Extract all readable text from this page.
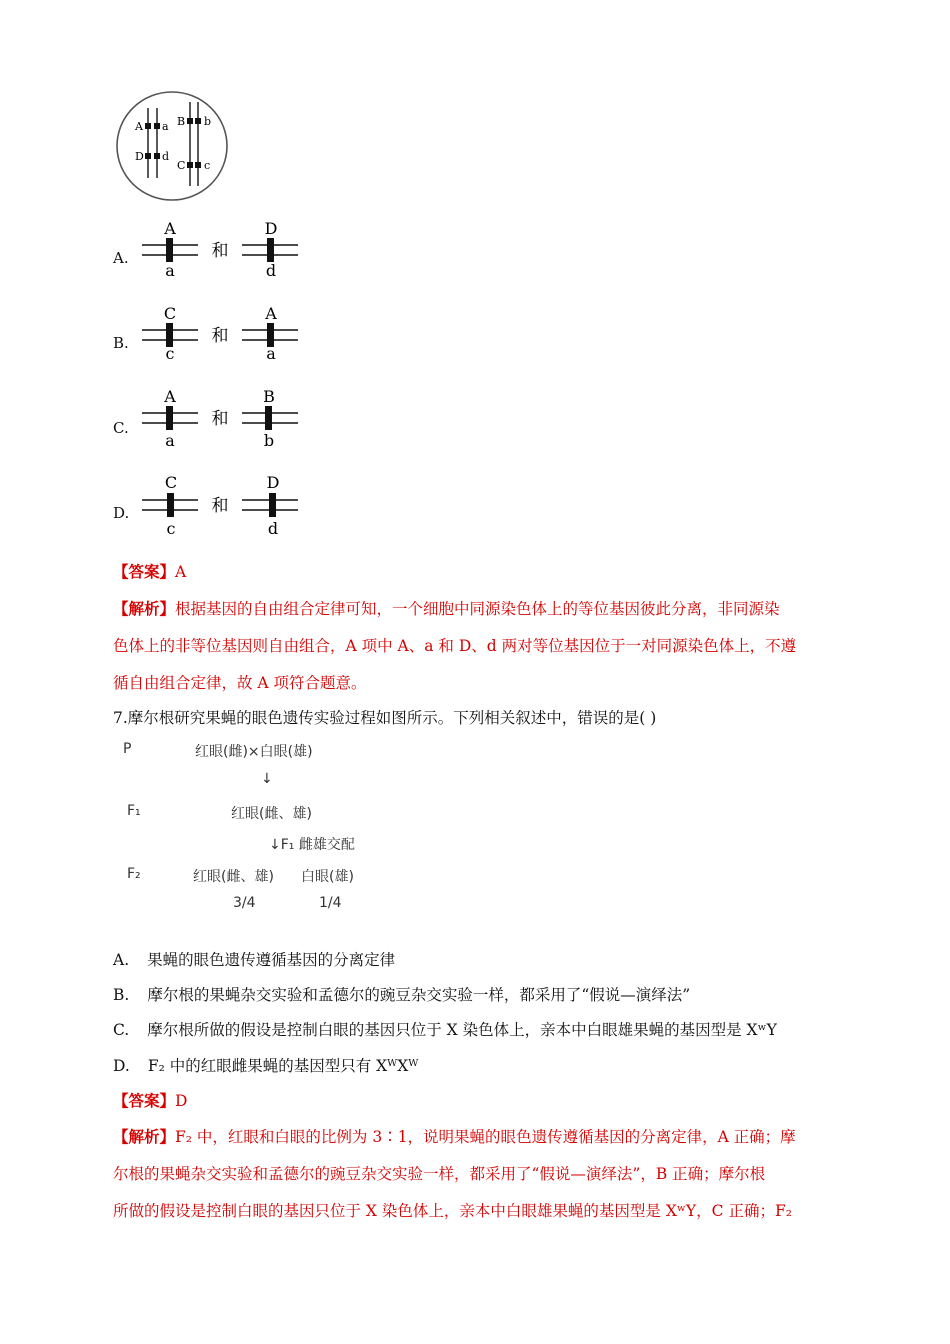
A a
D d
B b
C c
A.
A
a
和
D
d
B.
C
c
和
A
a
C.
A
a
和
B
b
D.
C
c
和
D
d
【答案】A
【解析】根据基因的自由组合定律可知，一个细胞中同源染色体上的等位基因彼此分离，非同源染
色体上的非等位基因则自由组合，A 项中 A、a 和 D、d 两对等位基因位于一对同源染色体上，不遵
循自由组合定律，故 A 项符合题意。
7.摩尔根研究果蝇的眼色遗传实验过程如图所示。下列相关叙述中，错误的是( )
P	红眼(雌)×白眼(雄)
↓
F₁	红眼(雌、雄)
↓F₁ 雌雄交配
F₂	红眼(雌、雄) 白眼(雄)
3/4	1/4
A. 果蝇的眼色遗传遵循基因的分离定律
B. 摩尔根的果蝇杂交实验和孟德尔的豌豆杂交实验一样，都采用了“假说—演绎法”
C. 摩尔根所做的假设是控制白眼的基因只位于 X 染色体上，亲本中白眼雄果蝇的基因型是 XʷY
D. F₂ 中的红眼雌果蝇的基因型只有 XᵂXᵂ
【答案】D
【解析】F₂ 中，红眼和白眼的比例为 3∶1，说明果蝇的眼色遗传遵循基因的分离定律，A 正确；摩
尔根的果蝇杂交实验和孟德尔的豌豆杂交实验一样，都采用了“假说—演绎法”，B 正确；摩尔根
所做的假设是控制白眼的基因只位于 X 染色体上，亲本中白眼雄果蝇的基因型是 XʷY，C 正确；F₂
